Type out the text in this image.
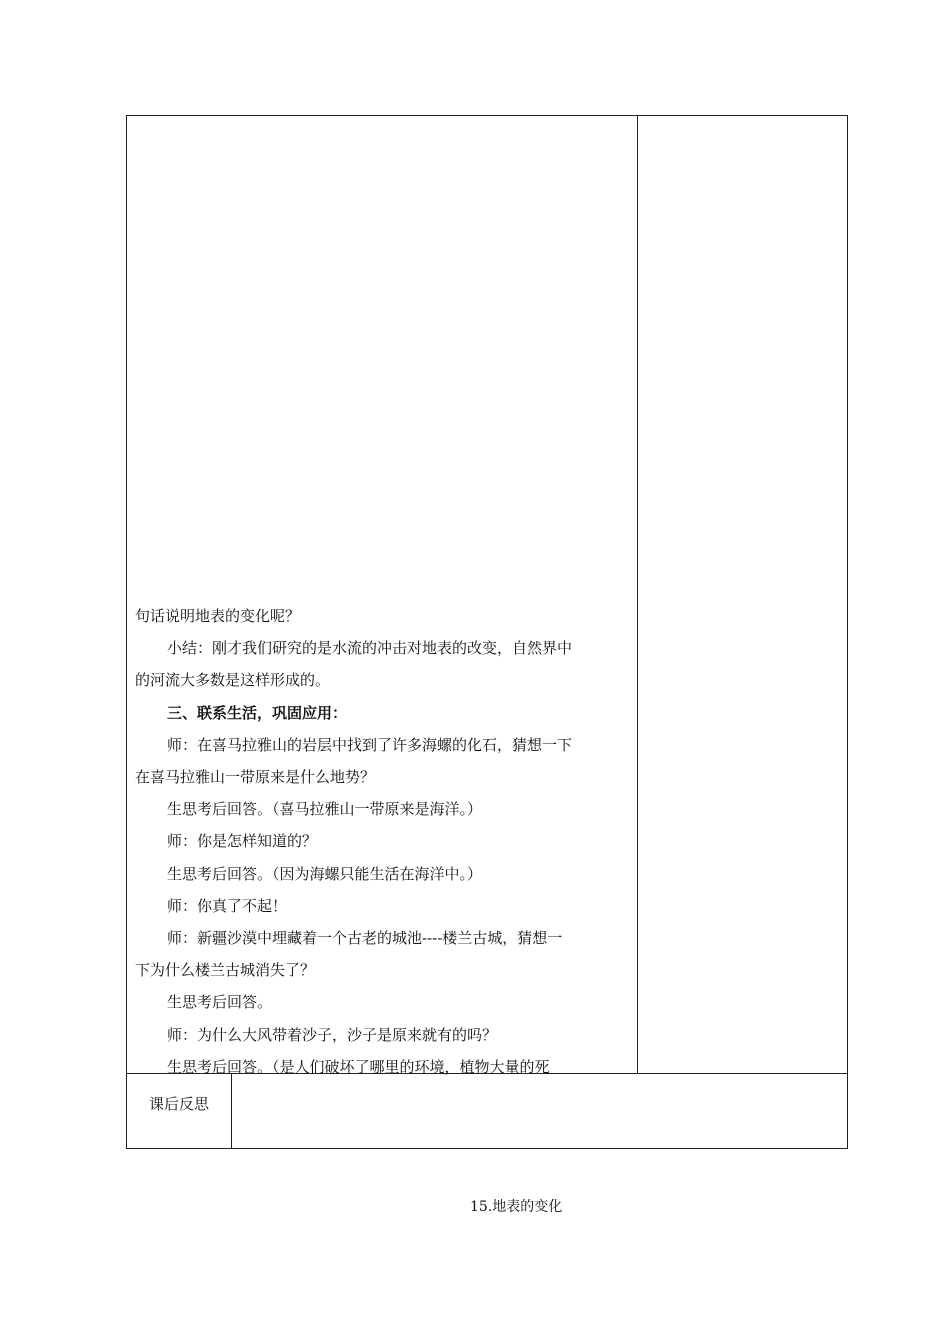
句话说明地表的变化呢？

小结：刚才我们研究的是水流的冲击对地表的改变，自然界中

的河流大多数是这样形成的。

三、联系生活，巩固应用：

师：在喜马拉雅山的岩层中找到了许多海螺的化石，猜想一下

在喜马拉雅山一带原来是什么地势？

生思考后回答。（喜马拉雅山一带原来是海洋。）

师：你是怎样知道的？

生思考后回答。（因为海螺只能生活在海洋中。）

师：你真了不起！

师：新疆沙漠中埋藏着一个古老的城池----楼兰古城，猜想一

下为什么楼兰古城消失了？

生思考后回答。

师：为什么大风带着沙子，沙子是原来就有的吗？

生思考后回答。（是人们破坏了哪里的环境，植物大量的死

课后反思
15.地表的变化
